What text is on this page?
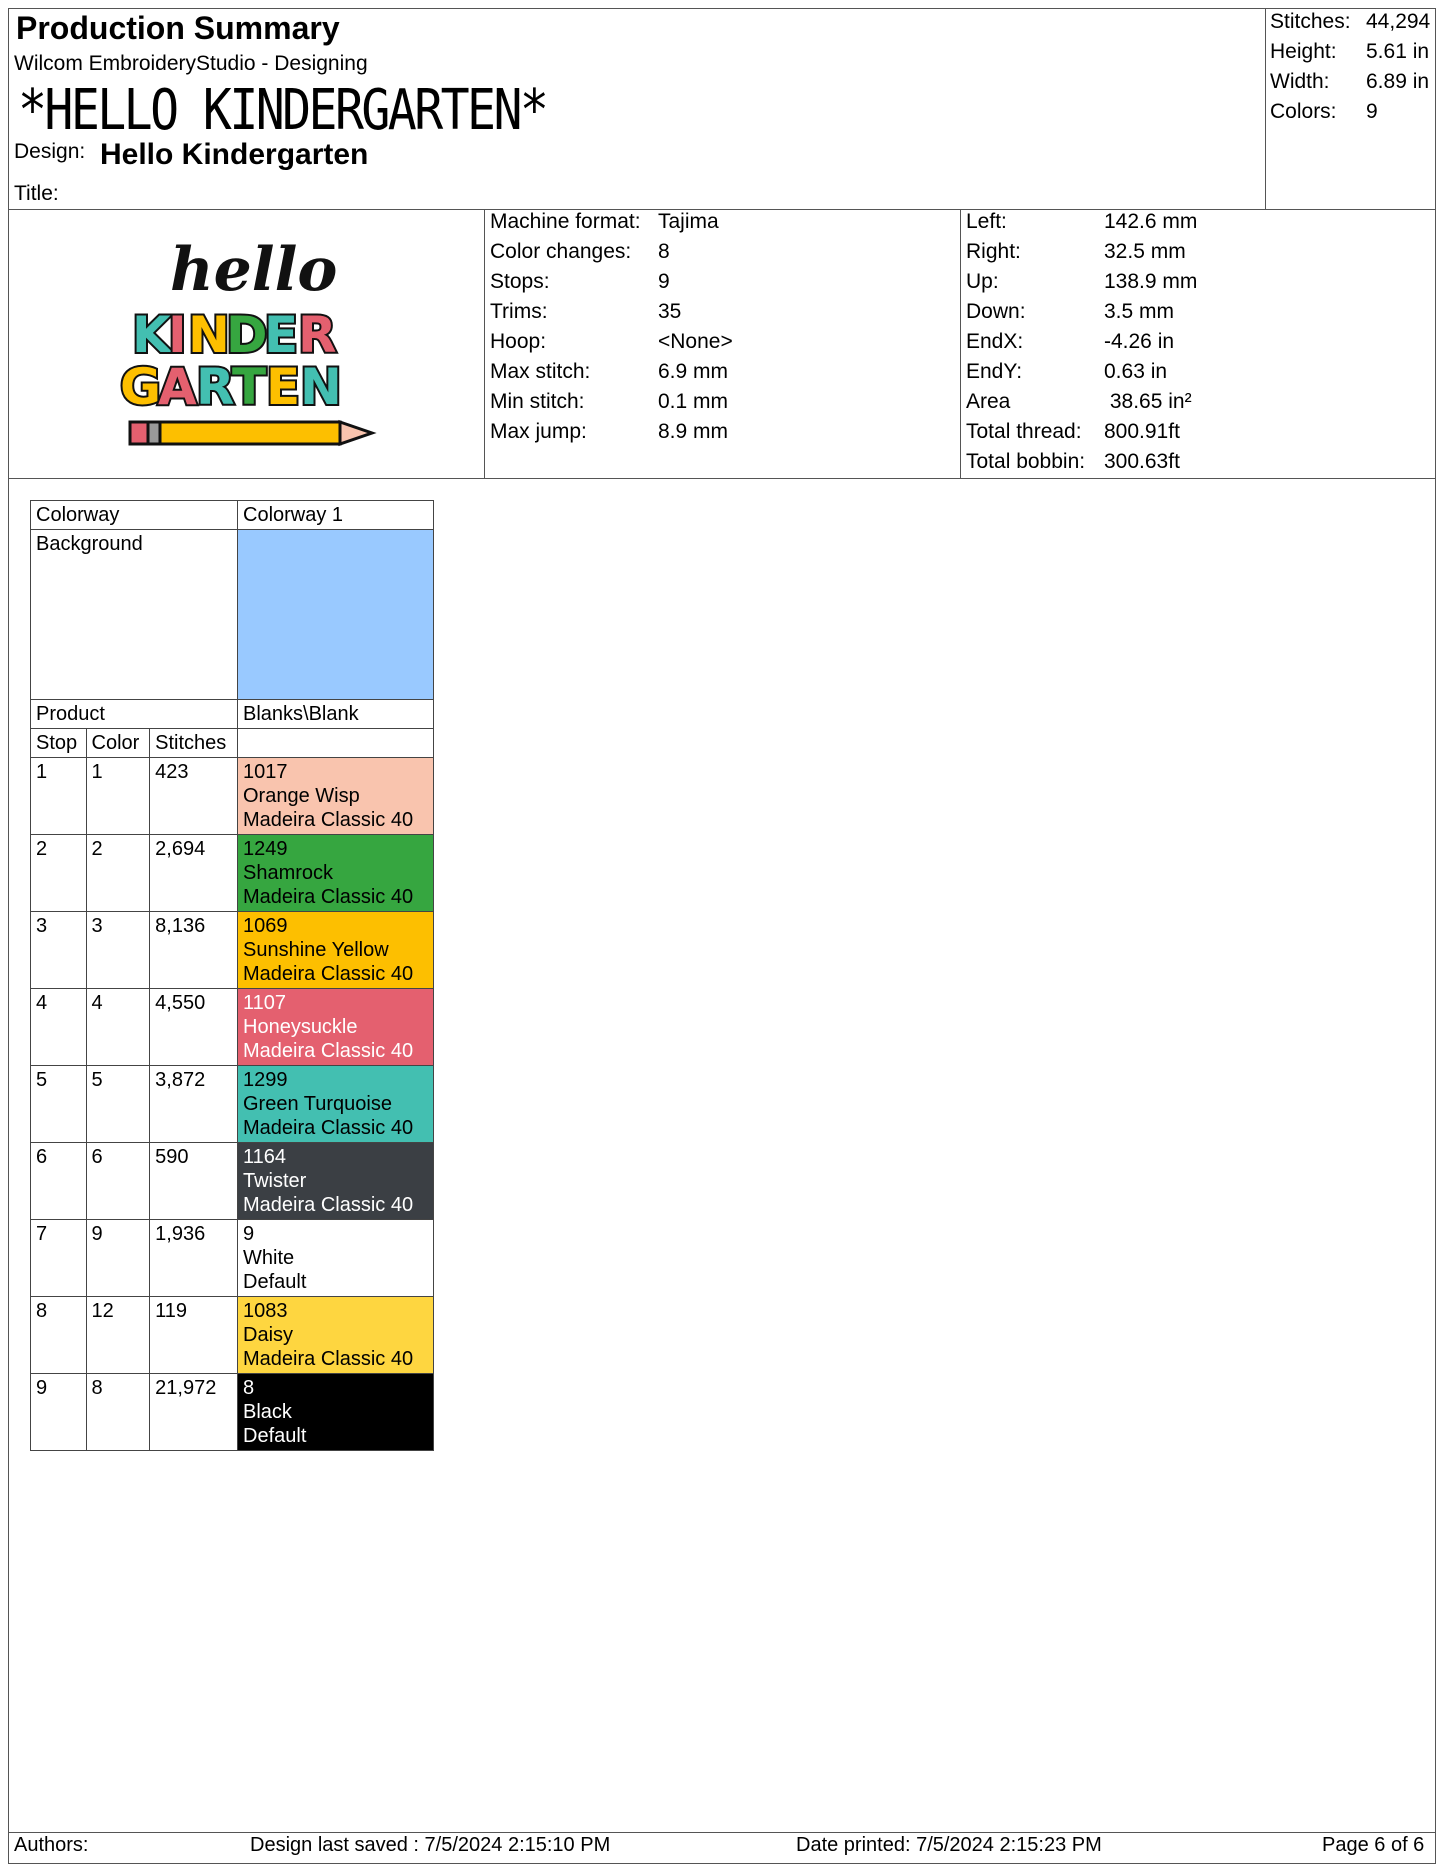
Production Summary
Wilcom EmbroideryStudio - Designing
*HELLO KINDERGARTEN*
Design: Hello Kindergarten
Title:
Stitches: 44,294
Height:	5.61 in
Width:	6.89 in
Colors:	9
hello
K
I N
D
E R
G
A R
T E N
Machine format: Tajima
Color changes:	8
Stops:	9
Trims:	35
Hoop:	<None>
Max stitch:	6.9 mm
Min stitch:	0.1 mm
Max jump:	8.9 mm
Left:	142.6 mm
Right:	32.5 mm
Up:	138.9 mm
Down:	3.5 mm
EndX:	-4.26 in
EndY:	0.63 in
Area	38.65 in²
Total thread:	800.91ft
Total bobbin: 300.63ft
Colorway			Colorway 1
Background			
Product			Blanks\Blank
Stop	Color	Stitches	
1	1	423	1017
Orange Wisp
Madeira Classic 40

2	2	2,694	1249
Shamrock
Madeira Classic 40

3	3	8,136	1069
Sunshine Yellow
Madeira Classic 40

4	4	4,550	1107
Honeysuckle
Madeira Classic 40

5	5	3,872	1299
Green Turquoise
Madeira Classic 40

6	6	590	1164
Twister
Madeira Classic 40

7	9	1,936	9
White
Default

8	12	119	1083
Daisy
Madeira Classic 40

9	8	21,972	8
Black
Default
Authors:	Design last saved : 7/5/2024 2:15:10 PM	Date printed: 7/5/2024 2:15:23 PM	Page 6 of 6
